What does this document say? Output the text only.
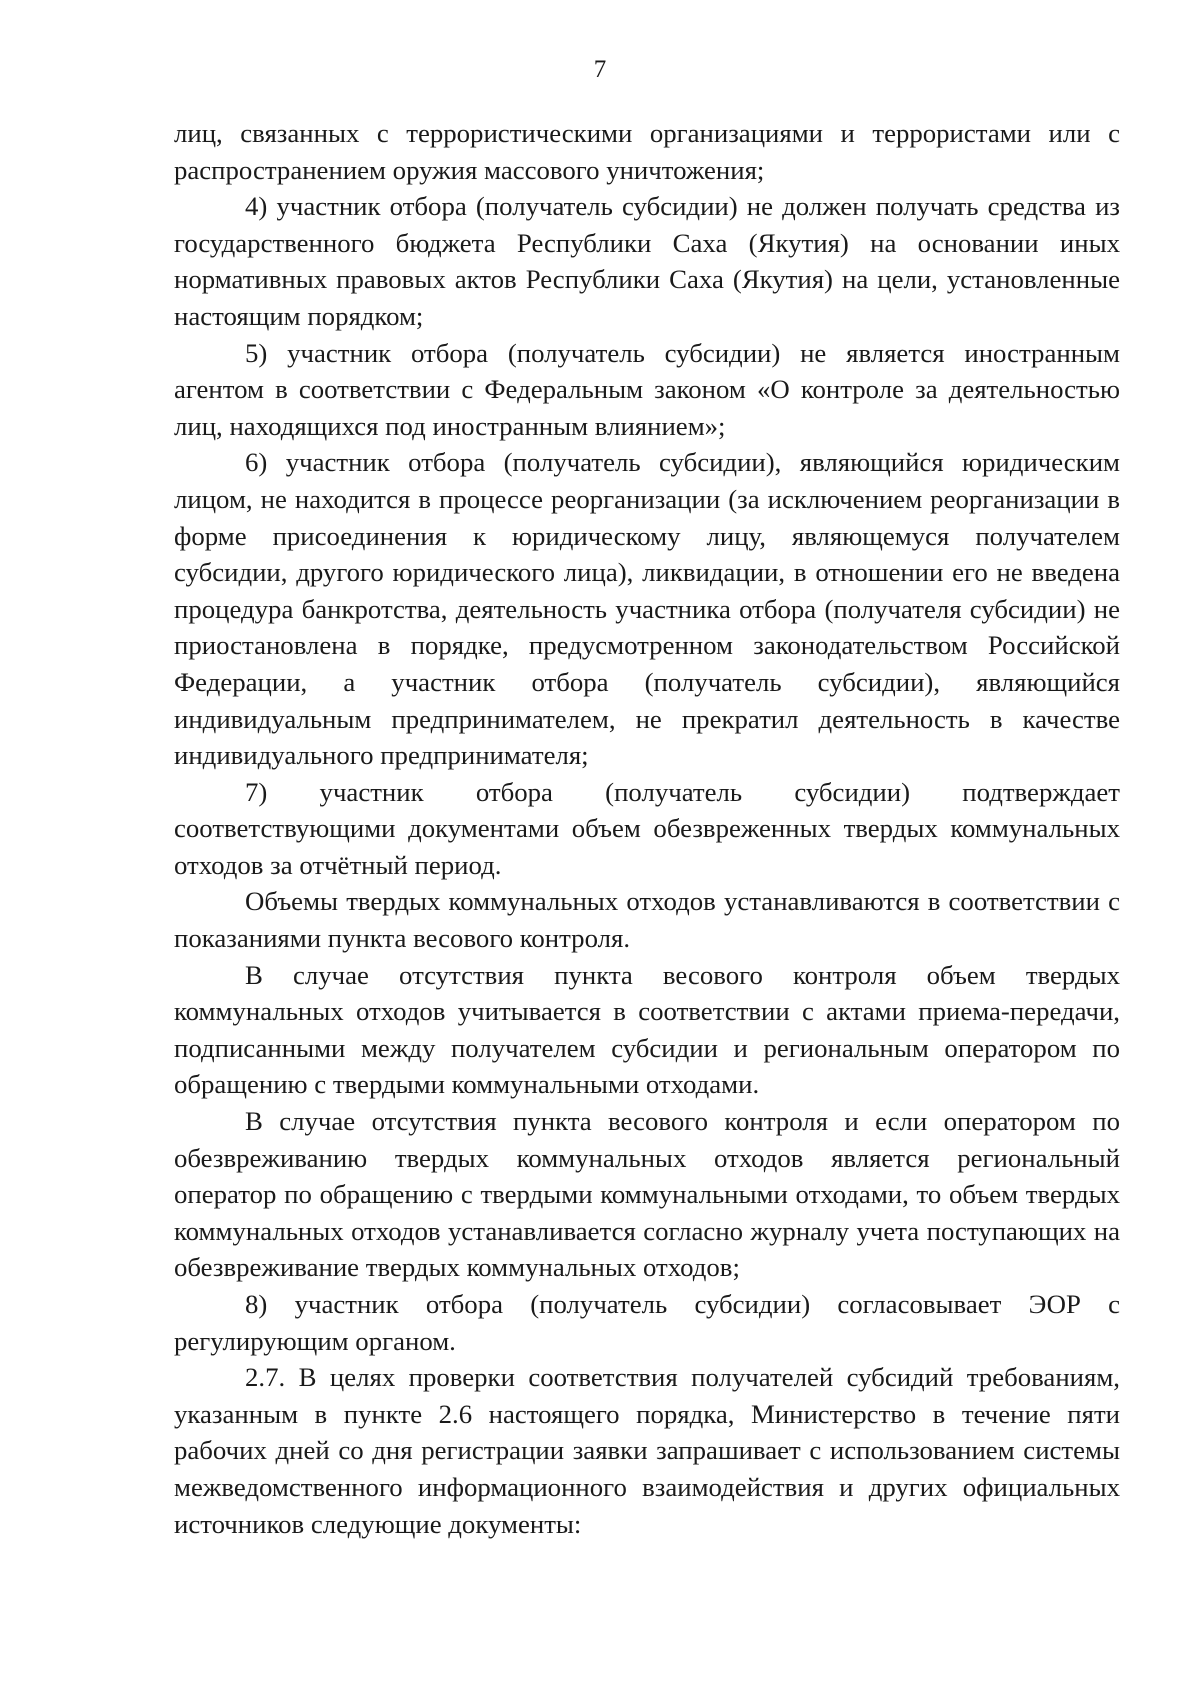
7

лиц, связанных с террористическими организациями и террористами или с распространением оружия массового уничтожения;

4) участник отбора (получатель субсидии) не должен получать средства из государственного бюджета Республики Саха (Якутия) на основании иных нормативных правовых актов Республики Саха (Якутия) на цели, установленные настоящим порядком;

5) участник отбора (получатель субсидии) не является иностранным агентом в соответствии с Федеральным законом «О контроле за деятельностью лиц, находящихся под иностранным влиянием»;

6) участник отбора (получатель субсидии), являющийся юридическим лицом, не находится в процессе реорганизации (за исключением реорганизации в форме присоединения к юридическому лицу, являющемуся получателем субсидии, другого юридического лица), ликвидации, в отношении его не введена процедура банкротства, деятельность участника отбора (получателя субсидии) не приостановлена в порядке, предусмотренном законодательством Российской Федерации, а участник отбора (получатель субсидии), являющийся индивидуальным предпринимателем, не прекратил деятельность в качестве индивидуального предпринимателя;

7) участник отбора (получатель субсидии) подтверждает соответствующими документами объем обезвреженных твердых коммунальных отходов за отчётный период.

Объемы твердых коммунальных отходов устанавливаются в соответствии с показаниями пункта весового контроля.

В случае отсутствия пункта весового контроля объем твердых коммунальных отходов учитывается в соответствии с актами приема-передачи, подписанными между получателем субсидии и региональным оператором по обращению с твердыми коммунальными отходами.

В случае отсутствия пункта весового контроля и если оператором по обезвреживанию твердых коммунальных отходов является региональный оператор по обращению с твердыми коммунальными отходами, то объем твердых коммунальных отходов устанавливается согласно журналу учета поступающих на обезвреживание твердых коммунальных отходов;

8) участник отбора (получатель субсидии) согласовывает ЭОР с регулирующим органом.

2.7. В целях проверки соответствия получателей субсидий требованиям, указанным в пункте 2.6 настоящего порядка, Министерство в течение пяти рабочих дней со дня регистрации заявки запрашивает с использованием системы межведомственного информационного взаимодействия и других официальных источников следующие документы:
